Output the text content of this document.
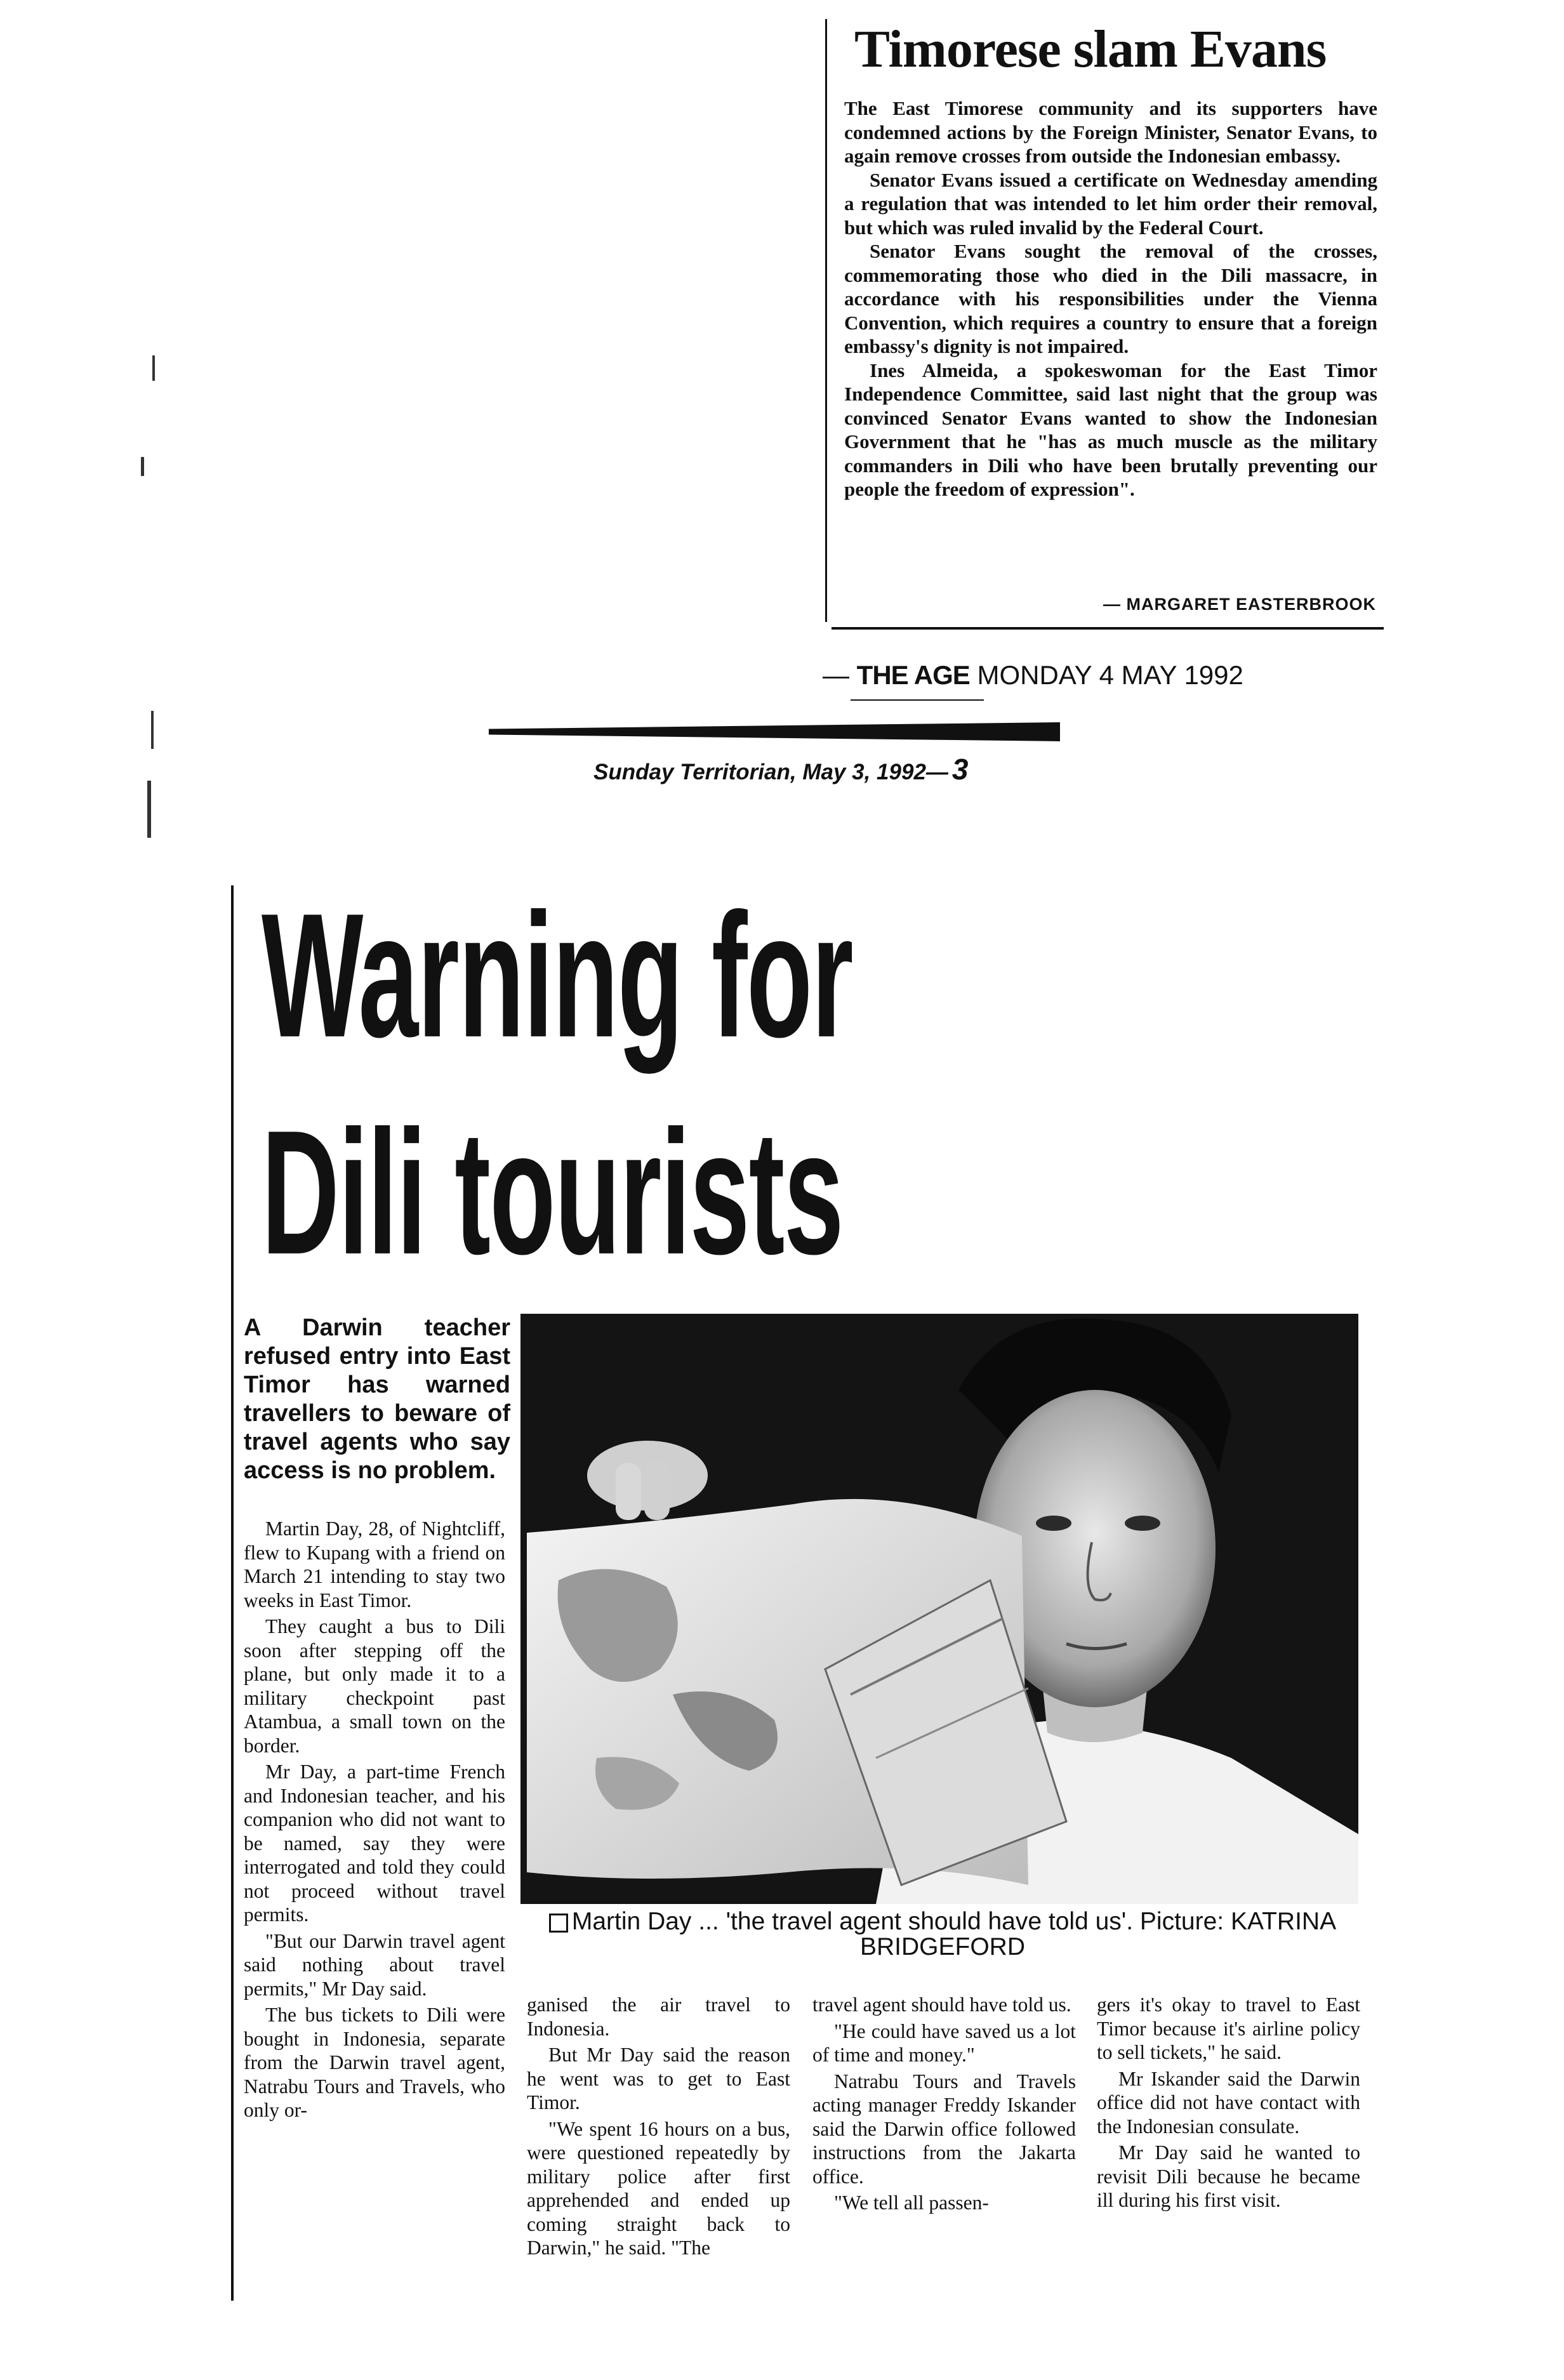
Timorese slam Evans

The East Timorese community and its supporters have condemned actions by the Foreign Minister, Senator Evans, to again remove crosses from outside the Indonesian embassy.

Senator Evans issued a certificate on Wednesday amending a regulation that was intended to let him order their removal, but which was ruled invalid by the Federal Court.

Senator Evans sought the removal of the crosses, commemorating those who died in the Dili massacre, in accordance with his responsibilities under the Vienna Convention, which requires a country to ensure that a foreign embassy's dignity is not impaired.

Ines Almeida, a spokeswoman for the East Timor Independence Committee, said last night that the group was convinced Senator Evans wanted to show the Indonesian Government that he "has as much muscle as the military commanders in Dili who have been brutally preventing our people the freedom of expression".

— MARGARET EASTERBROOK
— THE AGE MONDAY 4 MAY 1992
Sunday Territorian, May 3, 1992— 3
Warning for
Dili tourists
A Darwin teacher refused entry into East Timor has warned travellers to beware of travel agents who say access is no problem.

Martin Day, 28, of Nightcliff, flew to Kupang with a friend on March 21 intending to stay two weeks in East Timor.

They caught a bus to Dili soon after stepping off the plane, but only made it to a military checkpoint past Atambua, a small town on the border.

Mr Day, a part-time French and Indonesian teacher, and his companion who did not want to be named, say they were interrogated and told they could not proceed without travel permits.

"But our Darwin travel agent said nothing about travel permits," Mr Day said.

The bus tickets to Dili were bought in Indonesia, separate from the Darwin travel agent, Natrabu Tours and Travels, who only or-

ganised the air travel to Indonesia.

But Mr Day said the reason he went was to get to East Timor.

"We spent 16 hours on a bus, were questioned repeatedly by military police after first apprehended and ended up coming straight back to Darwin," he said. "The

travel agent should have told us.

"He could have saved us a lot of time and money."

Natrabu Tours and Travels acting manager Freddy Iskander said the Darwin office followed instructions from the Jakarta office.

"We tell all passen-

gers it's okay to travel to East Timor because it's airline policy to sell tickets," he said.

Mr Iskander said the Darwin office did not have contact with the Indonesian consulate.

Mr Day said he wanted to revisit Dili because he became ill during his first visit.

Martin Day ... 'the travel agent should have told us'. Picture: KATRINA BRIDGEFORD
